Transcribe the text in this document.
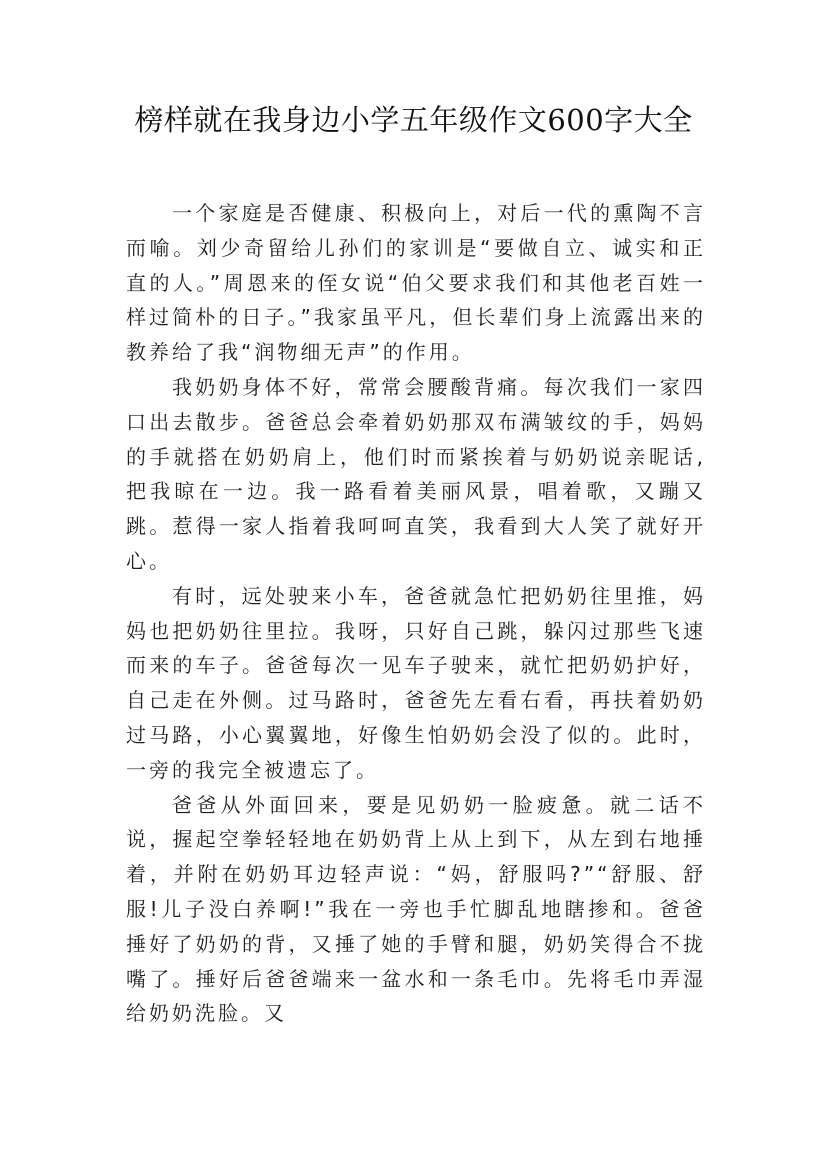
榜样就在我身边小学五年级作文600字大全

一个家庭是否健康、积极向上，对后一代的熏陶不言而喻。刘少奇留给儿孙们的家训是“要做自立、诚实和正直的人。”周恩来的侄女说“伯父要求我们和其他老百姓一样过简朴的日子。”我家虽平凡，但长辈们身上流露出来的教养给了我“润物细无声”的作用。

我奶奶身体不好，常常会腰酸背痛。每次我们一家四口出去散步。爸爸总会牵着奶奶那双布满皱纹的手，妈妈的手就搭在奶奶肩上，他们时而紧挨着与奶奶说亲昵话,把我晾在一边。我一路看着美丽风景，唱着歌，又蹦又跳。惹得一家人指着我呵呵直笑，我看到大人笑了就好开心。

有时，远处驶来小车，爸爸就急忙把奶奶往里推，妈妈也把奶奶往里拉。我呀，只好自己跳，躲闪过那些飞速而来的车子。爸爸每次一见车子驶来，就忙把奶奶护好，自己走在外侧。过马路时，爸爸先左看右看，再扶着奶奶过马路，小心翼翼地，好像生怕奶奶会没了似的。此时，一旁的我完全被遗忘了。

爸爸从外面回来，要是见奶奶一脸疲惫。就二话不说，握起空拳轻轻地在奶奶背上从上到下，从左到右地捶着，并附在奶奶耳边轻声说：“妈，舒服吗?”“舒服、舒服!儿子没白养啊!”我在一旁也手忙脚乱地瞎掺和。爸爸捶好了奶奶的背，又捶了她的手臂和腿，奶奶笑得合不拢嘴了。捶好后爸爸端来一盆水和一条毛巾。先将毛巾弄湿给奶奶洗脸。又
